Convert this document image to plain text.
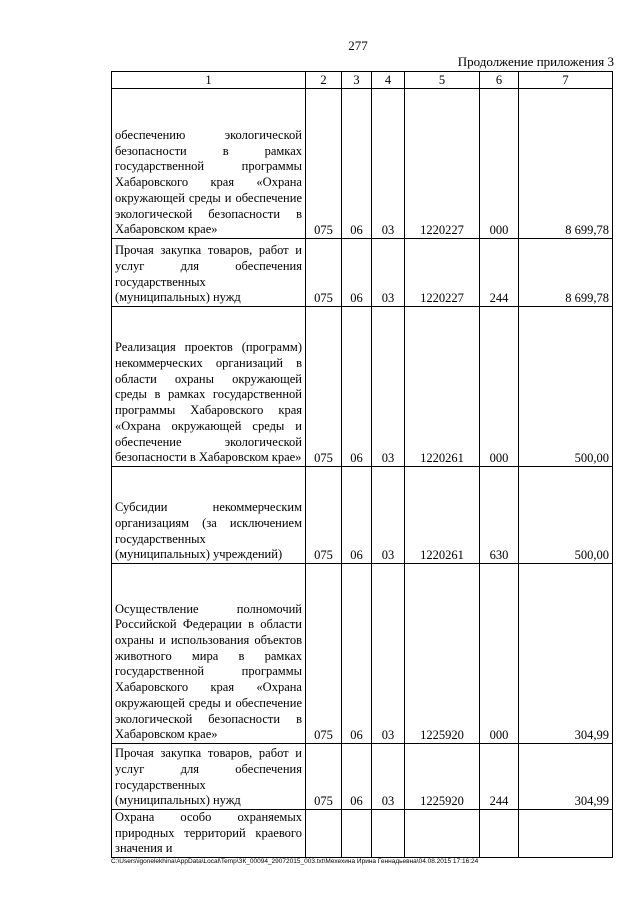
277
Продолжение приложения 3
1	2	3	4	5	6	7
обеспечению экологической безопасности в рамках государственной программы Хабаровского края «Охрана окружающей среды и обеспечение экологической безопасности в Хабаровском крае»	075	06	03	1220227	000	8 699,78
Прочая закупка товаров, работ и услуг для обеспечения государственных (муниципальных) нужд	075	06	03	1220227	244	8 699,78
Реализация проектов (программ) некоммерческих организаций в области охраны окружающей среды в рамках государственной программы Хабаровского края «Охрана окружающей среды и обеспечение экологической безопасности в Хабаровском крае»	075	06	03	1220261	000	500,00
Субсидии некоммерческим организациям (за исключением государственных (муниципальных) учреждений)	075	06	03	1220261	630	500,00
Осуществление полномочий Российской Федерации в области охраны и использования объектов животного мира в рамках государственной программы Хабаровского края «Охрана окружающей среды и обеспечение экологической безопасности в Хабаровском крае»	075	06	03	1225920	000	304,99
Прочая закупка товаров, работ и услуг для обеспечения государственных (муниципальных) нужд	075	06	03	1225920	244	304,99
Охрана особо охраняемых природных территорий краевого значения и						
C:\Users\igonelekhina\AppData\Local\Temp\ЗК_00094_29072015_003.txt\Мехехина Ирина Геннадьевна\04.08.2015 17:16:24
